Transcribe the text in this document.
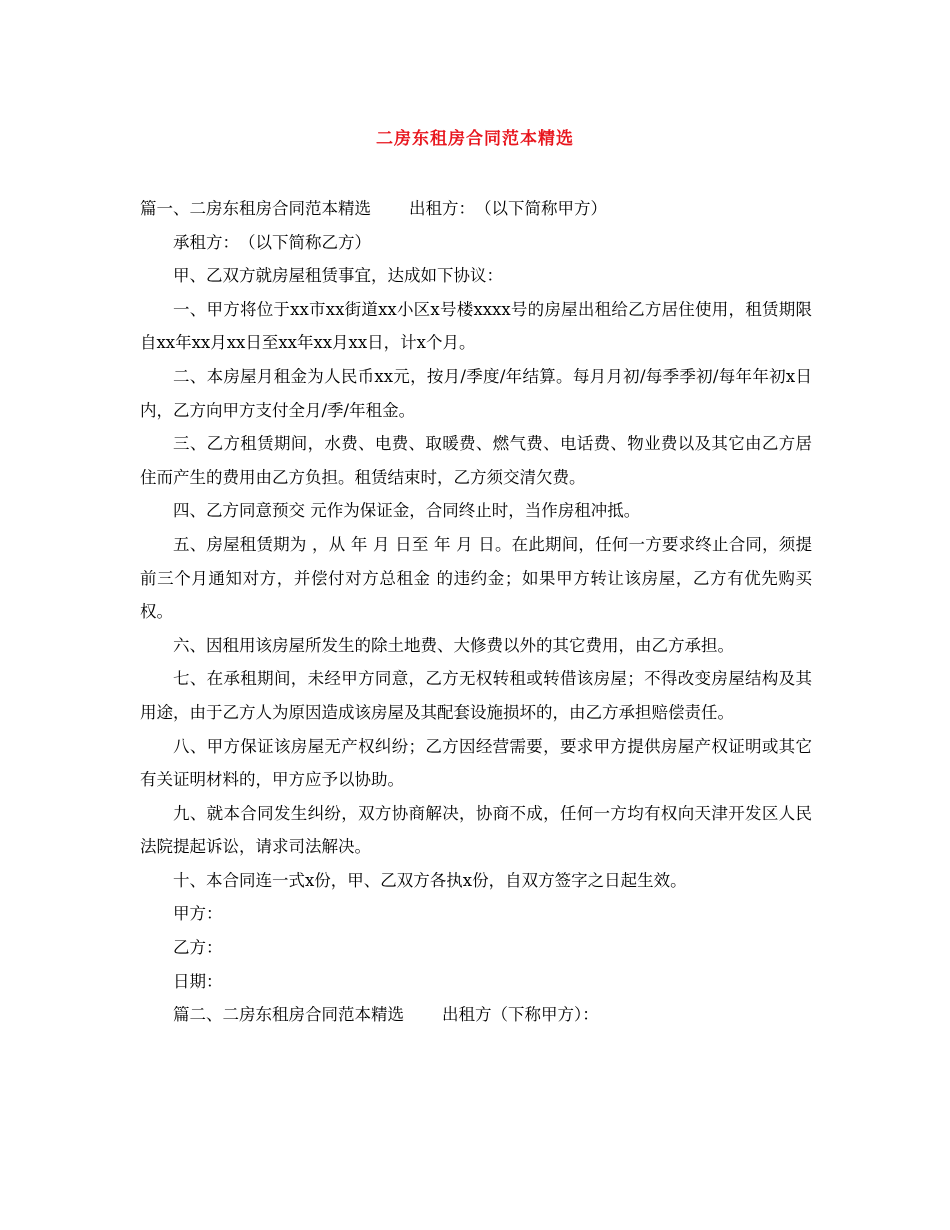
二房东租房合同范本精选

篇一、二房东租房合同范本精选 出租方：　（以下简称甲方）

承租方：　（以下简称乙方）

甲、乙双方就房屋租赁事宜，达成如下协议：

一、甲方将位于xx市xx街道xx小区x号楼xxxx号的房屋出租给乙方居住使用，租赁期限自xx年xx月xx日至xx年xx月xx日，计x个月。

二、本房屋月租金为人民币xx元，按月/季度/年结算。每月月初/每季季初/每年年初x日内，乙方向甲方支付全月/季/年租金。

三、乙方租赁期间，水费、电费、取暖费、燃气费、电话费、物业费以及其它由乙方居住而产生的费用由乙方负担。租赁结束时，乙方须交清欠费。

四、乙方同意预交 元作为保证金，合同终止时，当作房租冲抵。

五、房屋租赁期为 ，从 年 月 日至 年 月 日。在此期间，任何一方要求终止合同，须提前三个月通知对方，并偿付对方总租金 的违约金；如果甲方转让该房屋，乙方有优先购买权。

六、因租用该房屋所发生的除土地费、大修费以外的其它费用，由乙方承担。

七、在承租期间，未经甲方同意，乙方无权转租或转借该房屋；不得改变房屋结构及其用途，由于乙方人为原因造成该房屋及其配套设施损坏的，由乙方承担赔偿责任。

八、甲方保证该房屋无产权纠纷；乙方因经营需要，要求甲方提供房屋产权证明或其它有关证明材料的，甲方应予以协助。

九、就本合同发生纠纷，双方协商解决，协商不成，任何一方均有权向天津开发区人民法院提起诉讼，请求司法解决。

十、本合同连一式x份，甲、乙双方各执x份，自双方签字之日起生效。

甲方：

乙方：

日期：

篇二、二房东租房合同范本精选 出租方（下称甲方）：
